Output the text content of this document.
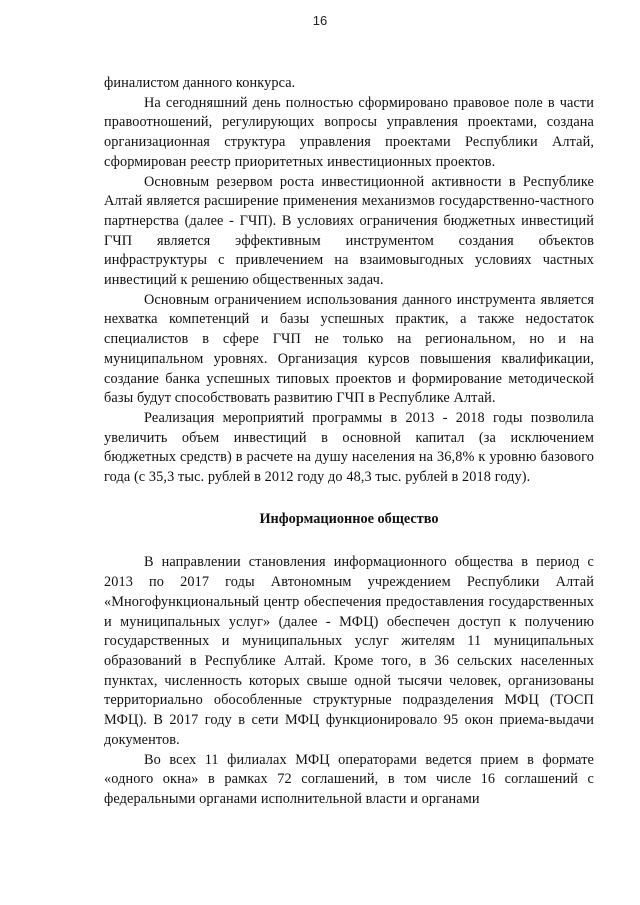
16

финалистом данного конкурса.

На сегодняшний день полностью сформировано правовое поле в части правоотношений, регулирующих вопросы управления проектами, создана организационная структура управления проектами Республики Алтай, сформирован реестр приоритетных инвестиционных проектов.

Основным резервом роста инвестиционной активности в Республике Алтай является расширение применения механизмов государственно-частного партнерства (далее - ГЧП). В условиях ограничения бюджетных инвестиций ГЧП является эффективным инструментом создания объектов инфраструктуры с привлечением на взаимовыгодных условиях частных инвестиций к решению общественных задач.

Основным ограничением использования данного инструмента является нехватка компетенций и базы успешных практик, а также недостаток специалистов в сфере ГЧП не только на региональном, но и на муниципальном уровнях. Организация курсов повышения квалификации, создание банка успешных типовых проектов и формирование методической базы будут способствовать развитию ГЧП в Республике Алтай.

Реализация мероприятий программы в 2013 - 2018 годы позволила увеличить объем инвестиций в основной капитал (за исключением бюджетных средств) в расчете на душу населения на 36,8% к уровню базового года (с 35,3 тыс. рублей в 2012 году до 48,3 тыс. рублей в 2018 году).

Информационное общество

В направлении становления информационного общества в период с 2013 по 2017 годы Автономным учреждением Республики Алтай «Многофункциональный центр обеспечения предоставления государственных и муниципальных услуг» (далее - МФЦ) обеспечен доступ к получению государственных и муниципальных услуг жителям 11 муниципальных образований в Республике Алтай. Кроме того, в 36 сельских населенных пунктах, численность которых свыше одной тысячи человек, организованы территориально обособленные структурные подразделения МФЦ (ТОСП МФЦ). В 2017 году в сети МФЦ функционировало 95 окон приема-выдачи документов.

Во всех 11 филиалах МФЦ операторами ведется прием в формате «одного окна» в рамках 72 соглашений, в том числе 16 соглашений с федеральными органами исполнительной власти и органами
